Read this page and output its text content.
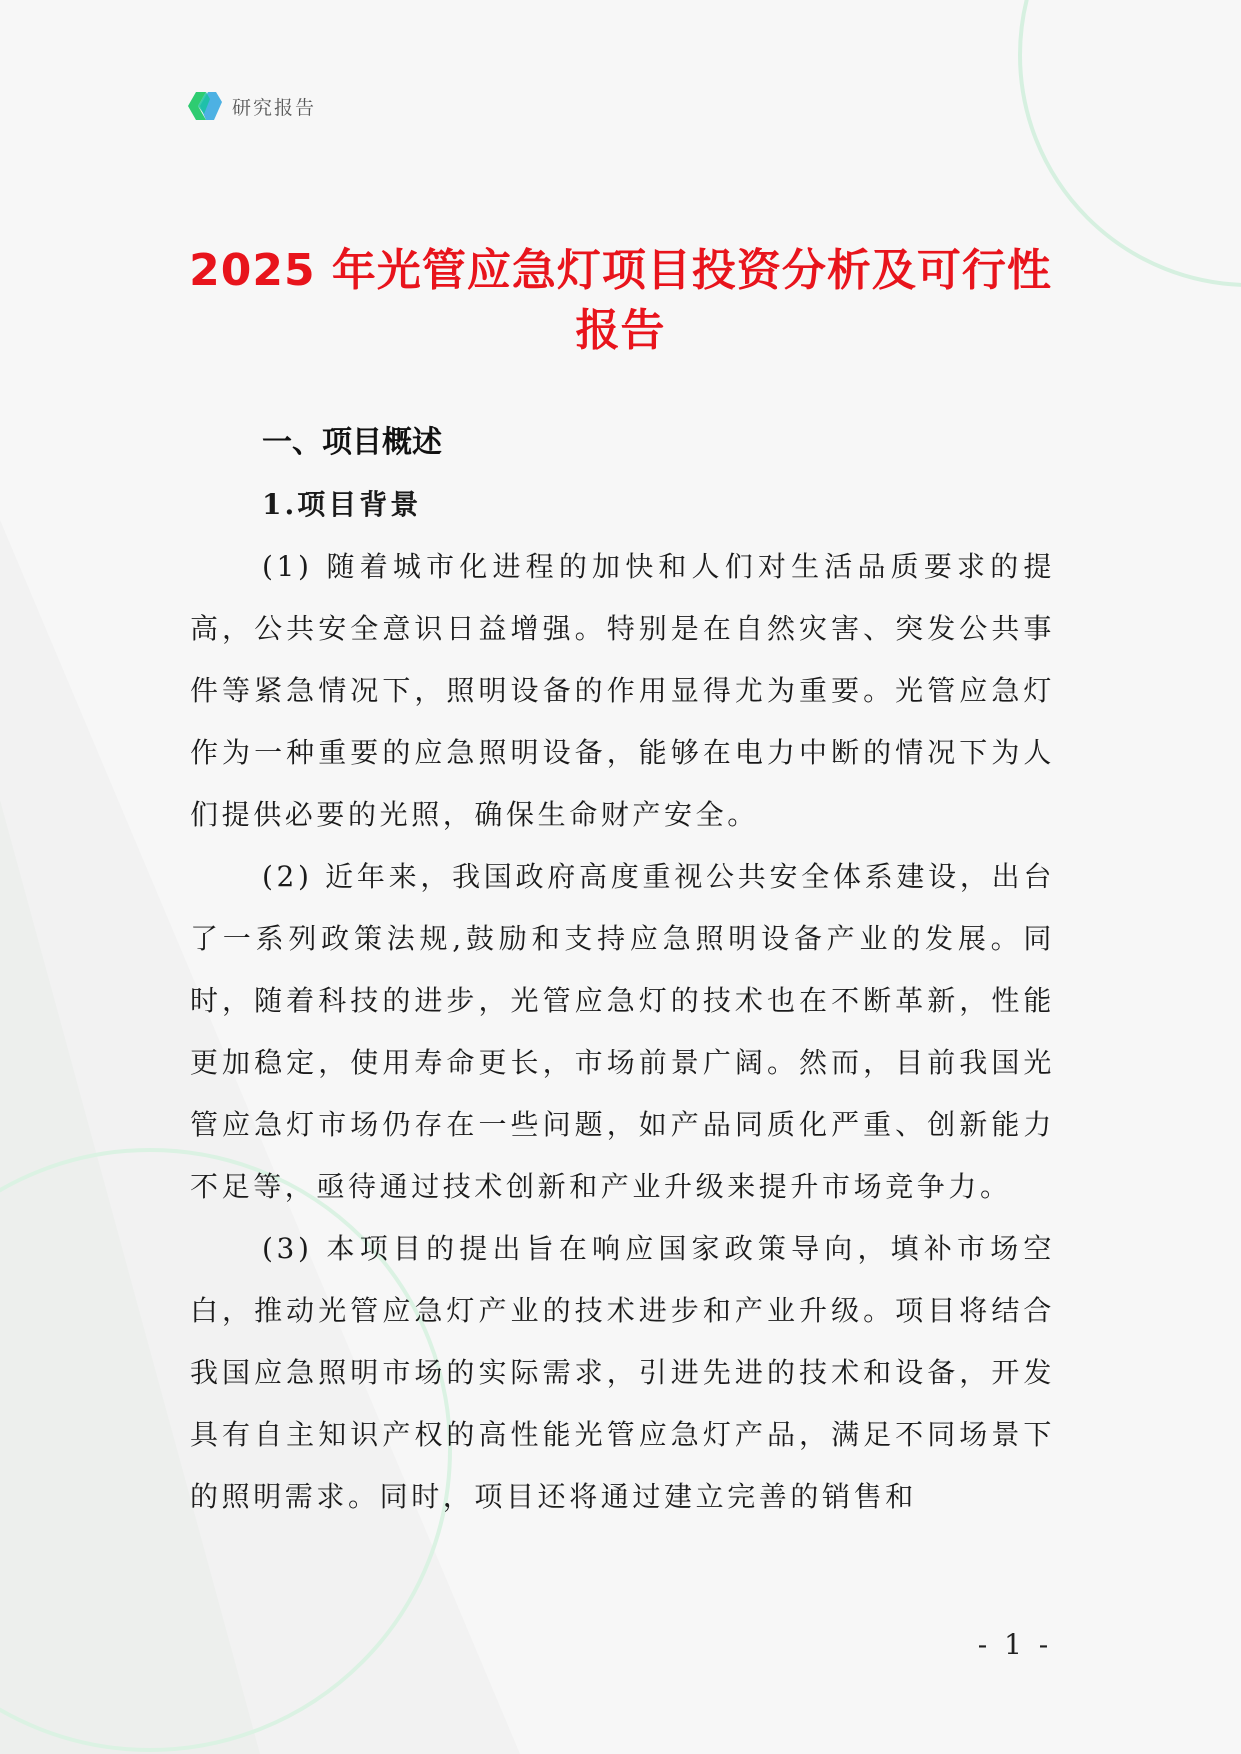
研究报告
2025 年光管应急灯项目投资分析及可行性
报告
一、项目概述
1.项目背景

(1) 随着城市化进程的加快和人们对生活品质要求的提高，公共安全意识日益增强。特别是在自然灾害、突发公共事件等紧急情况下，照明设备的作用显得尤为重要。光管应急灯作为一种重要的应急照明设备，能够在电力中断的情况下为人们提供必要的光照，确保生命财产安全。

(2) 近年来，我国政府高度重视公共安全体系建设，出台了一系列政策法规,鼓励和支持应急照明设备产业的发展。同时，随着科技的进步，光管应急灯的技术也在不断革新，性能更加稳定，使用寿命更长，市场前景广阔。然而，目前我国光管应急灯市场仍存在一些问题，如产品同质化严重、创新能力不足等，亟待通过技术创新和产业升级来提升市场竞争力。

(3) 本项目的提出旨在响应国家政策导向，填补市场空白，推动光管应急灯产业的技术进步和产业升级。项目将结合我国应急照明市场的实际需求，引进先进的技术和设备，开发具有自主知识产权的高性能光管应急灯产品，满足不同场景下的照明需求。同时，项目还将通过建立完善的销售和

- 1 -
